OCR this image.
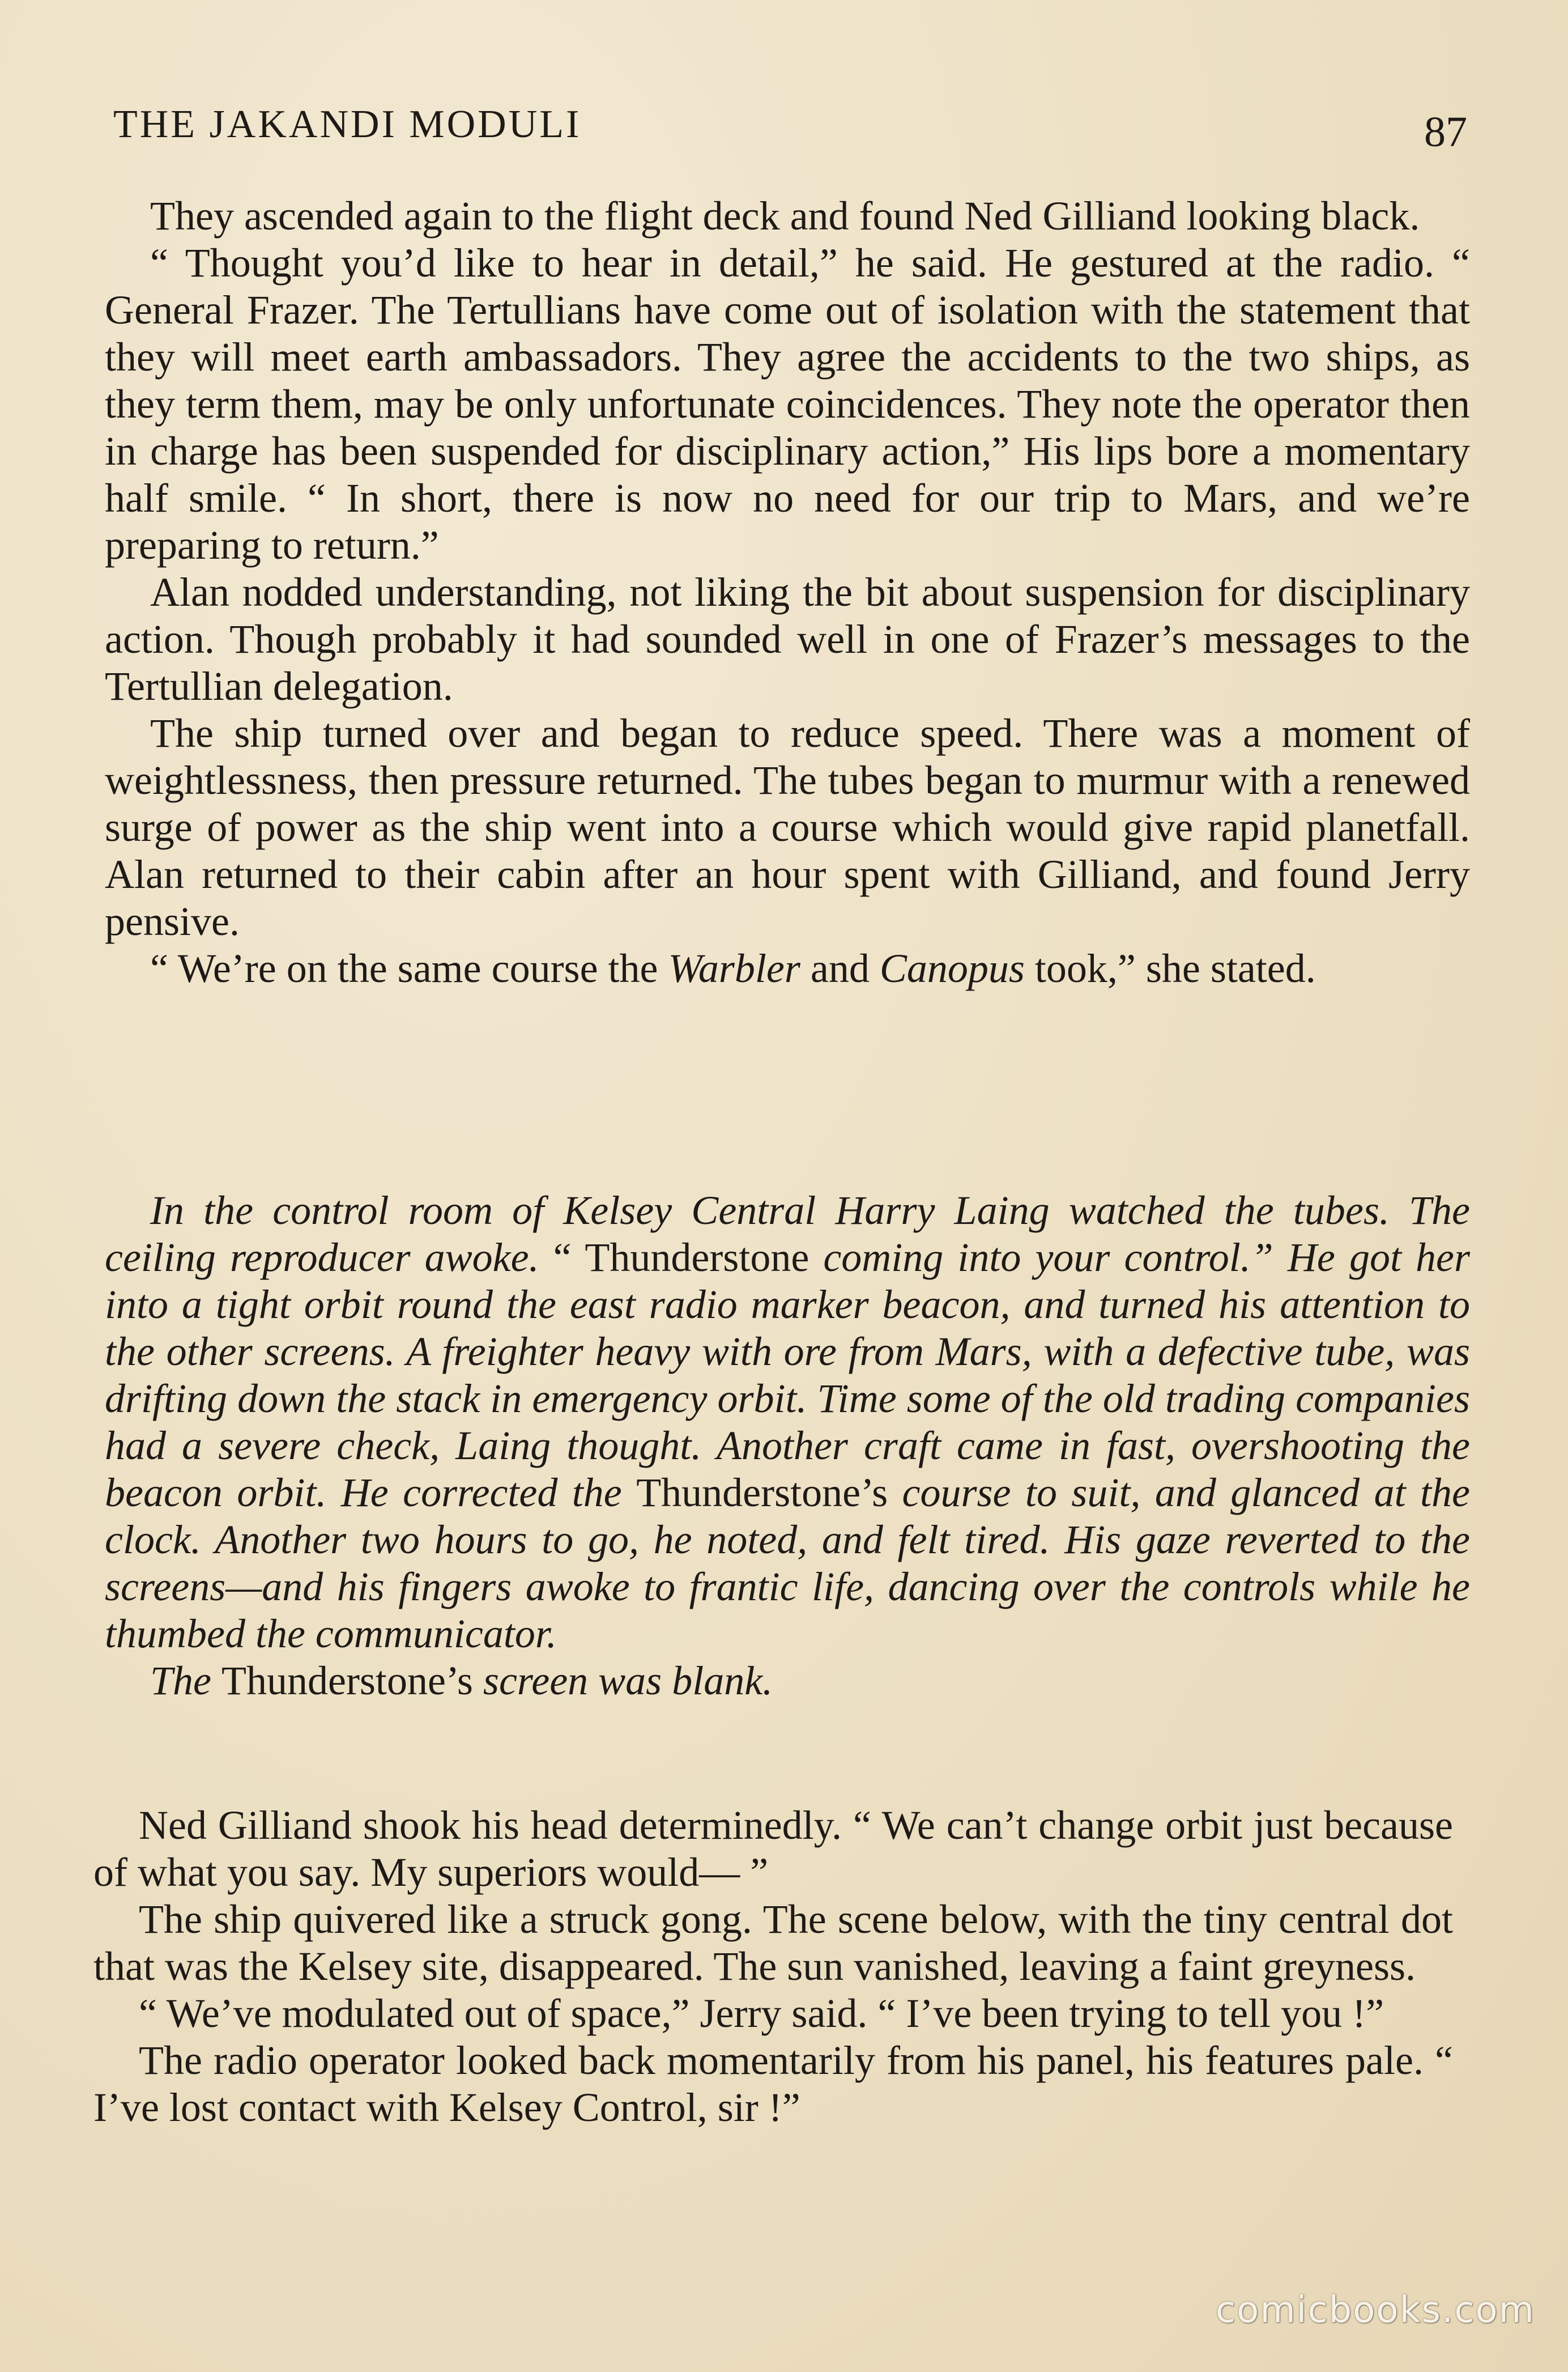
THE JAKANDI MODULI	87

They ascended again to the flight deck and found Ned Gilliand looking black.

“ Thought you’d like to hear in detail,” he said. He gestured at the radio. “ General Frazer. The Tertullians have come out of isolation with the statement that they will meet earth ambassadors. They agree the accidents to the two ships, as they term them, may be only unfortunate coincidences. They note the operator then in charge has been suspended for disciplinary action,” His lips bore a momentary half smile. “ In short, there is now no need for our trip to Mars, and we’re preparing to return.”

Alan nodded understanding, not liking the bit about suspension for disciplinary action. Though probably it had sounded well in one of Frazer’s messages to the Tertullian delegation.

The ship turned over and began to reduce speed. There was a moment of weightlessness, then pressure returned. The tubes began to murmur with a renewed surge of power as the ship went into a course which would give rapid planetfall. Alan returned to their cabin after an hour spent with Gilliand, and found Jerry pensive.

“ We’re on the same course the Warbler and Canopus took,” she stated.

In the control room of Kelsey Central Harry Laing watched the tubes. The ceiling reproducer awoke. “ Thunderstone coming into your control.” He got her into a tight orbit round the east radio marker beacon, and turned his attention to the other screens. A freighter heavy with ore from Mars, with a defective tube, was drifting down the stack in emergency orbit. Time some of the old trading companies had a severe check, Laing thought. Another craft came in fast, overshooting the beacon orbit. He corrected the Thunderstone’s course to suit, and glanced at the clock. Another two hours to go, he noted, and felt tired. His gaze reverted to the screens—and his fingers awoke to frantic life, dancing over the controls while he thumbed the communicator.

The Thunderstone’s screen was blank.

Ned Gilliand shook his head determinedly. “ We can’t change orbit just because of what you say. My superiors would— ”

The ship quivered like a struck gong. The scene below, with the tiny central dot that was the Kelsey site, disappeared. The sun vanished, leaving a faint greyness.

“ We’ve modulated out of space,” Jerry said. “ I’ve been trying to tell you !”

The radio operator looked back momentarily from his panel, his features pale. “ I’ve lost contact with Kelsey Control, sir !”

comicbooks.com
